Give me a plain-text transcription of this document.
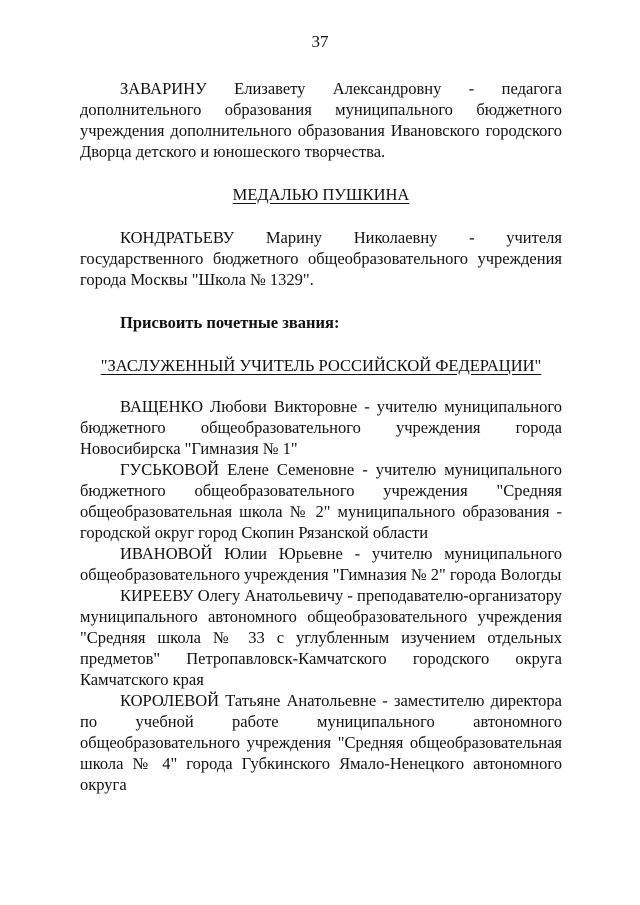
37

ЗАВАРИНУ Елизавету Александровну - педагога дополнительного образования муниципального бюджетного учреждения дополнительного образования Ивановского городского Дворца детского и юношеского творчества.

МЕДАЛЬЮ ПУШКИНА

КОНДРАТЬЕВУ Марину Николаевну - учителя государственного бюджетного общеобразовательного учреждения города Москвы "Школа № 1329".

Присвоить почетные звания:

"ЗАСЛУЖЕННЫЙ УЧИТЕЛЬ РОССИЙСКОЙ ФЕДЕРАЦИИ"

ВАЩЕНКО Любови Викторовне - учителю муниципального бюджетного общеобразовательного учреждения города Новосибирска "Гимназия № 1"

ГУСЬКОВОЙ Елене Семеновне - учителю муниципального бюджетного общеобразовательного учреждения "Средняя общеобразовательная школа № 2" муниципального образования - городской округ город Скопин Рязанской области

ИВАНОВОЙ Юлии Юрьевне - учителю муниципального общеобразовательного учреждения "Гимназия № 2" города Вологды

КИРЕЕВУ Олегу Анатольевичу - преподавателю-организатору муниципального автономного общеобразовательного учреждения "Средняя школа № 33 с углубленным изучением отдельных предметов" Петропавловск-Камчатского городского округа Камчатского края

КОРОЛЕВОЙ Татьяне Анатольевне - заместителю директора по учебной работе муниципального автономного общеобразовательного учреждения "Средняя общеобразовательная школа № 4" города Губкинского Ямало-Ненецкого автономного округа
